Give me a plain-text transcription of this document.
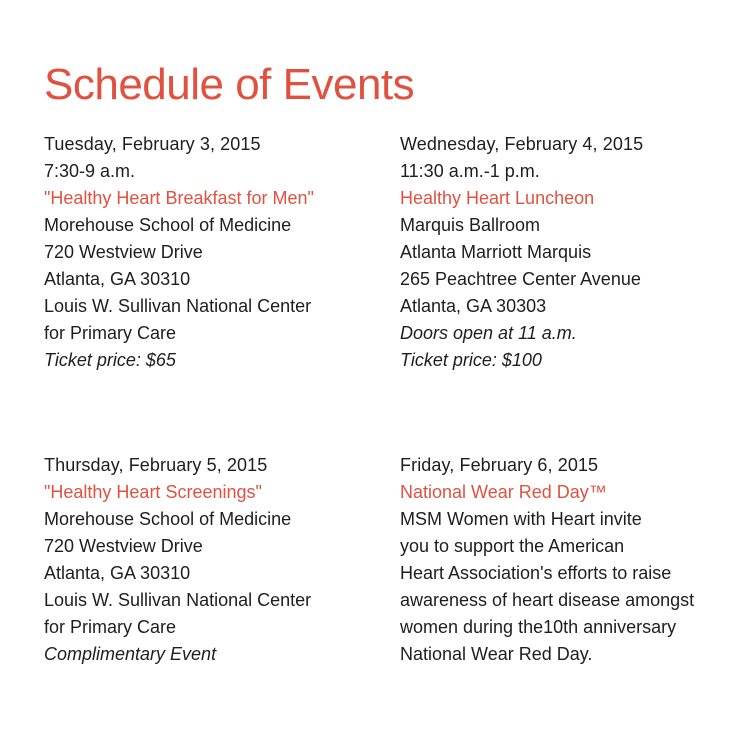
Schedule of Events
Tuesday, February 3, 2015
7:30-9 a.m.
"Healthy Heart Breakfast for Men"
Morehouse School of Medicine
720 Westview Drive
Atlanta, GA 30310
Louis W. Sullivan National Center
for Primary Care
Ticket price: $65
Wednesday, February 4, 2015
11:30 a.m.-1 p.m.
Healthy Heart Luncheon
Marquis Ballroom
Atlanta Marriott Marquis
265 Peachtree Center Avenue
Atlanta, GA 30303
Doors open at 11 a.m.
Ticket price: $100
Thursday, February 5, 2015
"Healthy Heart Screenings"
Morehouse School of Medicine
720 Westview Drive
Atlanta, GA 30310
Louis W. Sullivan National Center
for Primary Care
Complimentary Event
Friday, February 6, 2015
National Wear Red Day™
MSM Women with Heart invite
you to support the American
Heart Association's efforts to raise
awareness of heart disease amongst
women during the10th anniversary
National Wear Red Day.
